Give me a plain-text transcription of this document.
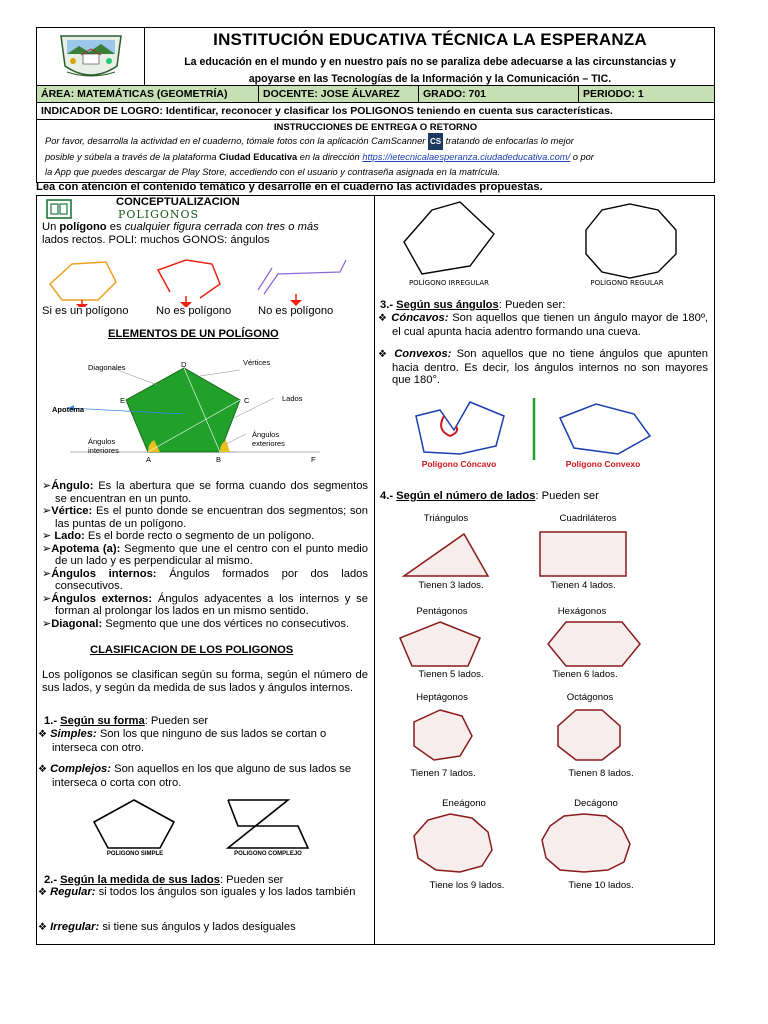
INSTITUCIÓN EDUCATIVA TÉCNICA LA ESPERANZA
La educación en el mundo y en nuestro país no se paraliza debe adecuarse a las circunstancias y
apoyarse en las Tecnologías de la Información y la Comunicación – TIC.
ÁREA: MATEMÁTICAS (GEOMETRÍA)	DOCENTE: JOSE ÁLVAREZ	GRADO: 701	PERIODO: 1
INDICADOR DE LOGRO: Identificar, reconocer y clasificar los POLIGONOS teniendo en cuenta sus características.
INSTRUCCIONES DE ENTREGA O RETORNO
Por favor, desarrolla la actividad en el cuaderno, tómale fotos con la aplicación CamScanner CS tratando de enfocarlas lo mejor
posible y súbela a través de la plataforma Ciudad Educativa en la dirección https://ietecnicalaesperanza.ciudadeducativa.com/ o por
la App que puedes descargar de Play Store, accediendo con el usuario y contraseña asignada en la matrícula.
Lea con atención el contenido temático y desarrolle en el cuaderno las actividades propuestas.
CONCEPTUALIZACION
POLIGONOS
Un polígono es cualquier figura cerrada con tres o más
lados rectos. POLI: muchos GONOS: ángulos
Si es un polígono No es polígono No es polígono
ELEMENTOS DE UN POLÍGONO
Diagonales
Vértices
Lados
Apotema
Ángulos interiores
Ángulos exteriores
D
E	C
A	B	F
➢Ángulo: Es la abertura que se forma cuando dos segmentos se encuentran en un punto.
➢Vértice: Es el punto donde se encuentran dos segmentos; son las puntas de un polígono.
➢ Lado: Es el borde recto o segmento de un polígono.
➢Apotema (a): Segmento que une el centro con el punto medio de un lado y es perpendicular al mismo.
➢Ángulos internos: Ángulos formados por dos lados consecutivos.
➢Ángulos externos: Ángulos adyacentes a los internos y se forman al prolongar los lados en un mismo sentido.
➢Diagonal: Segmento que une dos vértices no consecutivos.
CLASIFICACION DE LOS POLIGONOS
Los polígonos se clasifican según su forma, según el número de sus lados, y según da medida de sus lados y ángulos internos.
1.- Según su forma: Pueden ser
❖ Simples: Son los que ninguno de sus lados se cortan o interseca con otro.
❖ Complejos: Son aquellos en los que alguno de sus lados se interseca o corta con otro.
POLIGONO SIMPLE	POLIGONO COMPLEJO
2.- Según la medida de sus lados: Pueden ser
❖ Regular: si todos los ángulos son iguales y los lados también
❖ Irregular: si tiene sus ángulos y lados desiguales
POLÍGONO IRREGULAR	POLÍGONO REGULAR
3.- Según sus ángulos: Pueden ser:
❖ Cóncavos: Son aquellos que tienen un ángulo mayor de 180º, el cual apunta hacia adentro formando una cueva.
❖ Convexos: Son aquellos que no tiene ángulos que apunten hacia dentro. Es decir, los ángulos internos no son mayores que 180°.
Polígono Cóncavo	Polígono Convexo
4.- Según el número de lados: Pueden ser
Triángulos	Cuadriláteros
Tienen 3 lados.	Tienen 4 lados.
Pentágonos	Hexágonos
Tienen 5 lados.	Tienen 6 lados.
Heptágonos	Octágonos
Tienen 7 lados.	Tienen 8 lados.
Eneágono	Decágono
Tiene los 9 lados.	Tiene 10 lados.
